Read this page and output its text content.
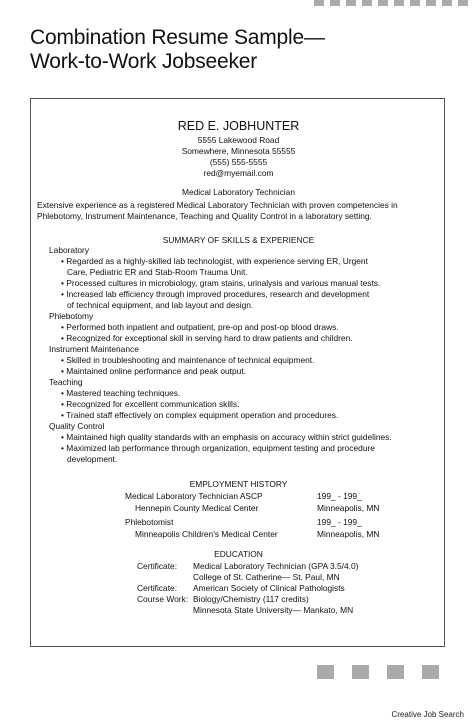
Combination Resume Sample—
Work-to-Work Jobseeker
RED E. JOBHUNTER
5555 Lakewood Road
Somewhere, Minnesota 55555
(555) 555-5555
red@myemail.com
Medical Laboratory Technician
Extensive experience as a registered Medical Laboratory Technician with proven competencies in
Phlebotomy, Instrument Maintenance, Teaching and Quality Control in a laboratory setting.
SUMMARY OF SKILLS & EXPERIENCE
Laboratory
• Regarded as a highly-skilled lab technologist, with experience serving ER, Urgent
Care, Pediatric ER and Stab-Room Trauma Unit.
• Processed cultures in microbiology, gram stains, urinalysis and various manual tests.
• Increased lab efficiency through improved procedures, research and development
of technical equipment, and lab layout and design.
Phlebotomy
• Performed both inpatient and outpatient, pre-op and post-op blood draws.
• Recognized for exceptional skill in serving hard to draw patients and children.
Instrument Maintenance
• Skilled in troubleshooting and maintenance of technical equipment.
• Maintained online performance and peak output.
Teaching
• Mastered teaching techniques.
• Recognized for excellent communication skills.
• Trained staff effectively on complex equipment operation and procedures.
Quality Control
• Maintained high quality standards with an emphasis on accuracy within strict guidelines.
• Maximized lab performance through organization, equipment testing and procedure
development.
EMPLOYMENT HISTORY
Medical Laboratory Technician ASCP	199_ - 199_
Hennepin County Medical Center	Minneapolis, MN
Phlebotomist	199_ - 199_
Minneapolis Children's Medical Center	Minneapolis, MN
EDUCATION
Certificate: Medical Laboratory Technician (GPA 3.5/4.0)
College of St. Catherine— St. Paul, MN
Certificate: American Society of Clinical Pathologists
Course Work: Biology/Chemistry (117 credits)
Minnesota State University— Mankato, MN
Creative Job Search
